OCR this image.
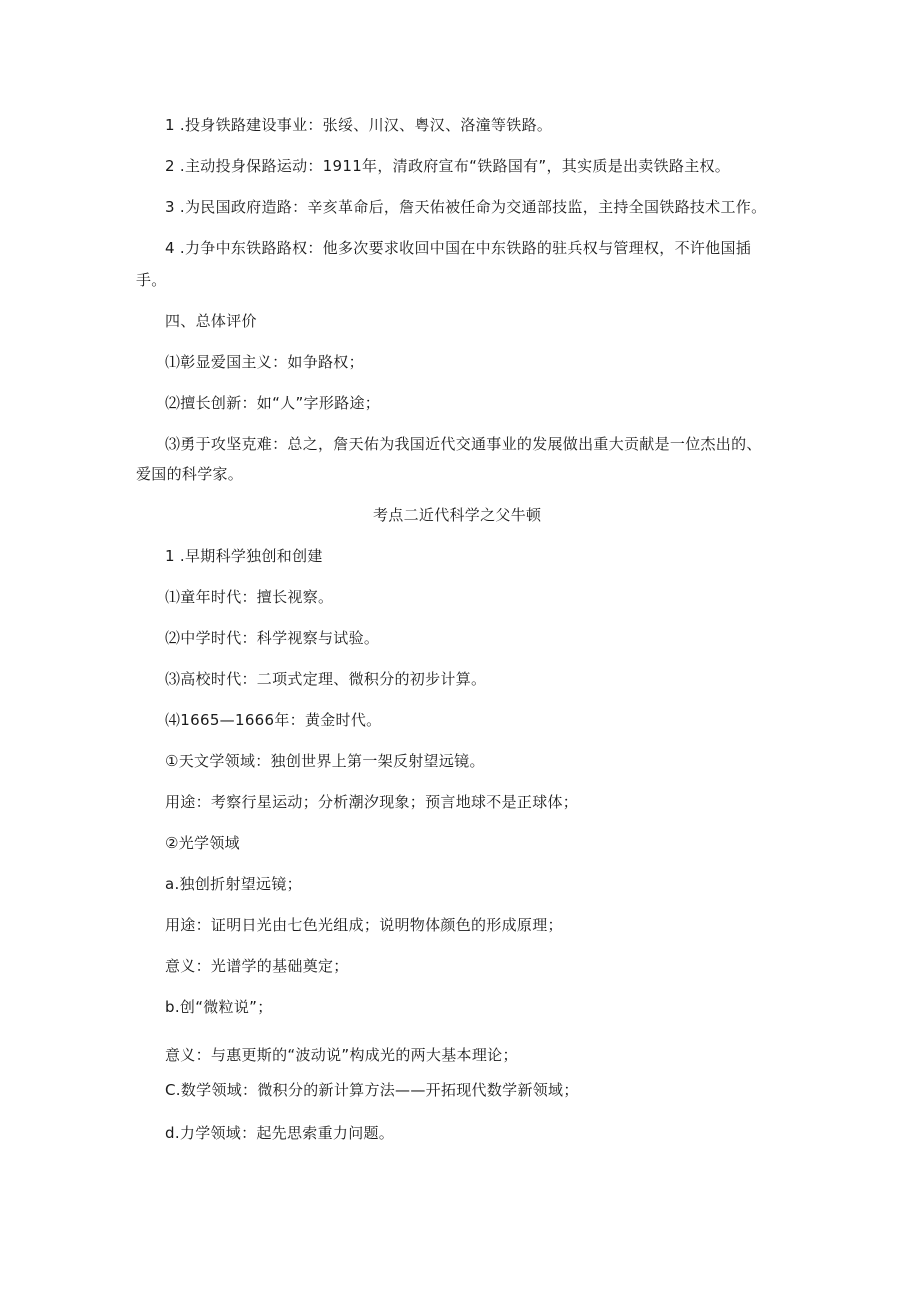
1 .投身铁路建设事业：张绥、川汉、粤汉、洛潼等铁路。
2 .主动投身保路运动：1911年，清政府宣布“铁路国有”，其实质是出卖铁路主权。
3 .为民国政府造路：辛亥革命后，詹天佑被任命为交通部技监，主持全国铁路技术工作。
4 .力争中东铁路路权：他多次要求收回中国在中东铁路的驻兵权与管理权，不许他国插
手。
四、总体评价
⑴彰显爱国主义：如争路权；
⑵擅长创新：如“人”字形路途；
⑶勇于攻坚克难：总之，詹天佑为我国近代交通事业的发展做出重大贡献是一位杰出的、
爱国的科学家。
考点二近代科学之父牛顿
1 .早期科学独创和创建
⑴童年时代：擅长视察。
⑵中学时代：科学视察与试验。
⑶高校时代：二项式定理、微积分的初步计算。
⑷1665—1666年：黄金时代。
①天文学领域：独创世界上第一架反射望远镜。
用途：考察行星运动；分析潮汐现象；预言地球不是正球体；
②光学领域
a.独创折射望远镜；
用途：证明日光由七色光组成；说明物体颜色的形成原理；
意义：光谱学的基础奠定；
b.创“微粒说”；
意义：与惠更斯的“波动说”构成光的两大基本理论；
C.数学领域：微积分的新计算方法——开拓现代数学新领域；
d.力学领域：起先思索重力问题。
